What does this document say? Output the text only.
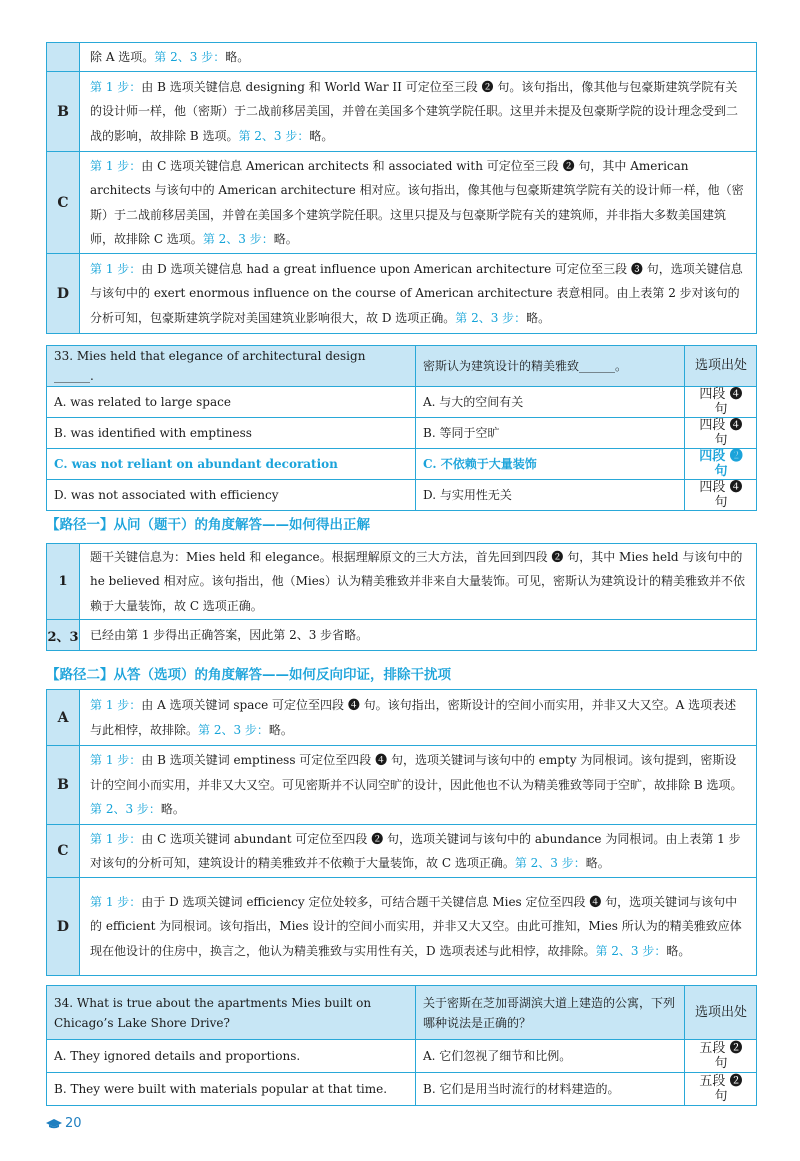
	除 A 选项。第 2、3 步：略。
B	第 1 步：由 B 选项关键信息 designing 和 World War II 可定位至三段 ❷ 句。该句指出，像其他与包豪斯建筑学院有关的设计师一样，他（密斯）于二战前移居美国，并曾在美国多个建筑学院任职。这里并未提及包豪斯学院的设计理念受到二战的影响，故排除 B 选项。第 2、3 步：略。
C	第 1 步：由 C 选项关键信息 American architects 和 associated with 可定位至三段 ❷ 句，其中 American architects 与该句中的 American architecture 相对应。该句指出，像其他与包豪斯建筑学院有关的设计师一样，他（密斯）于二战前移居美国，并曾在美国多个建筑学院任职。这里只提及与包豪斯学院有关的建筑师，并非指大多数美国建筑师，故排除 C 选项。第 2、3 步：略。
D	第 1 步：由 D 选项关键信息 had a great influence upon American architecture 可定位至三段 ❸ 句，选项关键信息与该句中的 exert enormous influence on the course of American architecture 表意相同。由上表第 2 步对该句的分析可知，包豪斯建筑学院对美国建筑业影响很大，故 D 选项正确。第 2、3 步：略。
33. Mies held that elegance of architectural design ______.	密斯认为建筑设计的精美雅致______。	选项出处
A. was related to large space	A. 与大的空间有关	四段 ❹ 句
B. was identified with emptiness	B. 等同于空旷	四段 ❹ 句
C. was not reliant on abundant decoration	C. 不依赖于大量装饰	四段 ❷ 句
D. was not associated with efficiency	D. 与实用性无关	四段 ❹ 句
【路径一】从问（题干）的角度解答——如何得出正解
1	题干关键信息为：Mies held 和 elegance。根据理解原文的三大方法，首先回到四段 ❷ 句，其中 Mies held 与该句中的 he believed 相对应。该句指出，他（Mies）认为精美雅致并非来自大量装饰。可见，密斯认为建筑设计的精美雅致并不依赖于大量装饰，故 C 选项正确。
2、3	已经由第 1 步得出正确答案，因此第 2、3 步省略。
【路径二】从答（选项）的角度解答——如何反向印证，排除干扰项
A	第 1 步：由 A 选项关键词 space 可定位至四段 ❹ 句。该句指出，密斯设计的空间小而实用，并非又大又空。A 选项表述与此相悖，故排除。第 2、3 步：略。
B	第 1 步：由 B 选项关键词 emptiness 可定位至四段 ❹ 句，选项关键词与该句中的 empty 为同根词。该句提到，密斯设计的空间小而实用，并非又大又空。可见密斯并不认同空旷的设计，因此他也不认为精美雅致等同于空旷，故排除 B 选项。第 2、3 步：略。
C	第 1 步：由 C 选项关键词 abundant 可定位至四段 ❷ 句，选项关键词与该句中的 abundance 为同根词。由上表第 1 步对该句的分析可知，建筑设计的精美雅致并不依赖于大量装饰，故 C 选项正确。第 2、3 步：略。
D	第 1 步：由于 D 选项关键词 efficiency 定位处较多，可结合题干关键信息 Mies 定位至四段 ❹ 句，选项关键词与该句中的 efficient 为同根词。该句指出，Mies 设计的空间小而实用，并非又大又空。由此可推知，Mies 所认为的精美雅致应体现在他设计的住房中，换言之，他认为精美雅致与实用性有关，D 选项表述与此相悖，故排除。第 2、3 步：略。
34. What is true about the apartments Mies built on Chicago’s Lake Shore Drive?	关于密斯在芝加哥湖滨大道上建造的公寓，下列哪种说法是正确的？	选项出处
A. They ignored details and proportions.	A. 它们忽视了细节和比例。	五段 ❷ 句
B. They were built with materials popular at that time.	B. 它们是用当时流行的材料建造的。	五段 ❷ 句
20
